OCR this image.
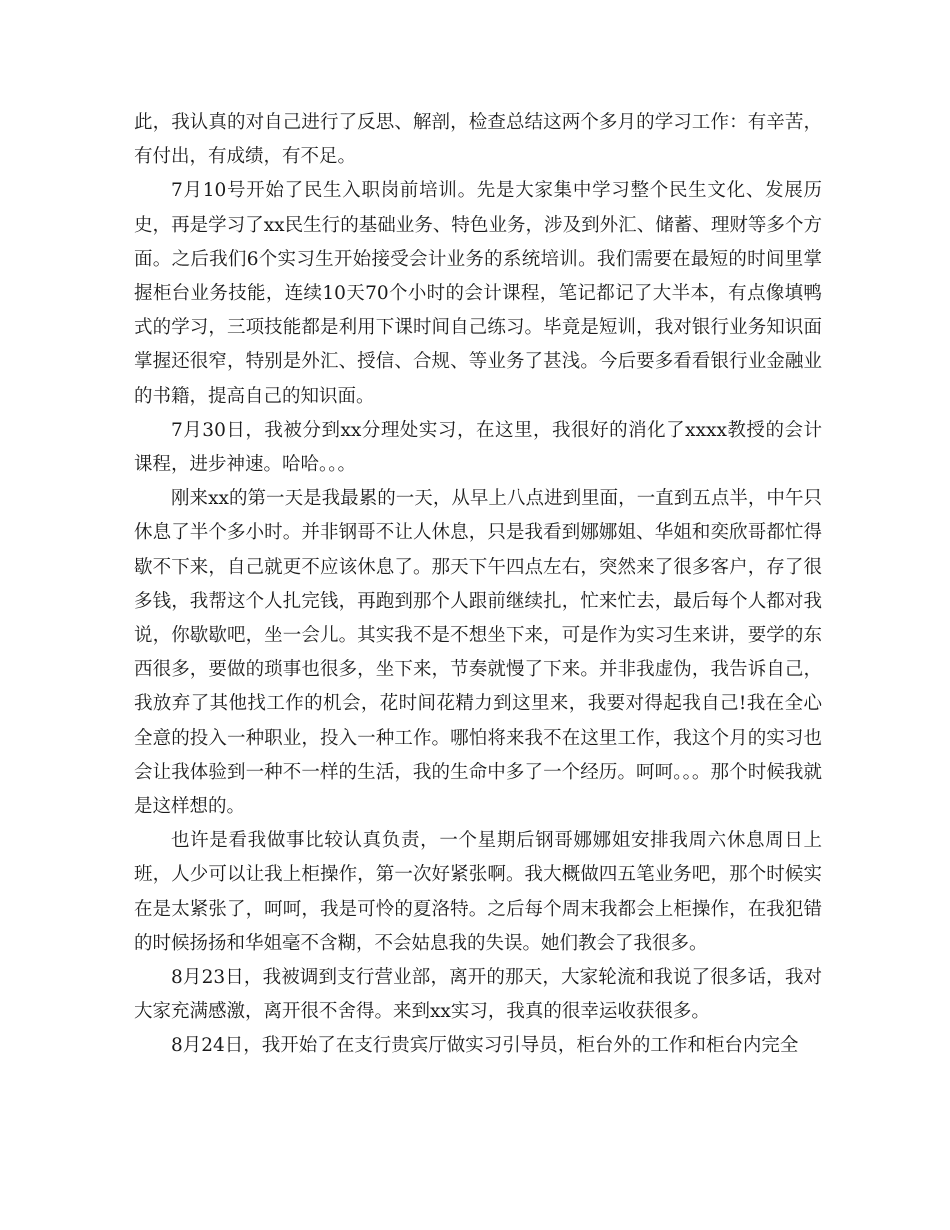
此，我认真的对自己进行了反思、解剖，检查总结这两个多月的学习工作：有辛苦，有付出，有成绩，有不足。

7月10号开始了民生入职岗前培训。先是大家集中学习整个民生文化、发展历史，再是学习了xx民生行的基础业务、特色业务，涉及到外汇、储蓄、理财等多个方面。之后我们6个实习生开始接受会计业务的系统培训。我们需要在最短的时间里掌握柜台业务技能，连续10天70个小时的会计课程，笔记都记了大半本，有点像填鸭式的学习，三项技能都是利用下课时间自己练习。毕竟是短训，我对银行业务知识面掌握还很窄，特别是外汇、授信、合规、等业务了甚浅。今后要多看看银行业金融业的书籍，提高自己的知识面。

7月30日，我被分到xx分理处实习，在这里，我很好的消化了xxxx教授的会计课程，进步神速。哈哈。。。

刚来xx的第一天是我最累的一天，从早上八点进到里面，一直到五点半，中午只休息了半个多小时。并非钢哥不让人休息，只是我看到娜娜姐、华姐和奕欣哥都忙得歇不下来，自己就更不应该休息了。那天下午四点左右，突然来了很多客户，存了很多钱，我帮这个人扎完钱，再跑到那个人跟前继续扎，忙来忙去，最后每个人都对我说，你歇歇吧，坐一会儿。其实我不是不想坐下来，可是作为实习生来讲，要学的东西很多，要做的琐事也很多，坐下来，节奏就慢了下来。并非我虚伪，我告诉自己，我放弃了其他找工作的机会，花时间花精力到这里来，我要对得起我自己!我在全心全意的投入一种职业，投入一种工作。哪怕将来我不在这里工作，我这个月的实习也会让我体验到一种不一样的生活，我的生命中多了一个经历。呵呵。。。那个时候我就是这样想的。

也许是看我做事比较认真负责，一个星期后钢哥娜娜姐安排我周六休息周日上班，人少可以让我上柜操作，第一次好紧张啊。我大概做四五笔业务吧，那个时候实在是太紧张了，呵呵，我是可怜的夏洛特。之后每个周末我都会上柜操作，在我犯错的时候扬扬和华姐毫不含糊，不会姑息我的失误。她们教会了我很多。

8月23日，我被调到支行营业部，离开的那天，大家轮流和我说了很多话，我对大家充满感激，离开很不舍得。来到xx实习，我真的很幸运收获很多。

8月24日，我开始了在支行贵宾厅做实习引导员，柜台外的工作和柜台内完全
